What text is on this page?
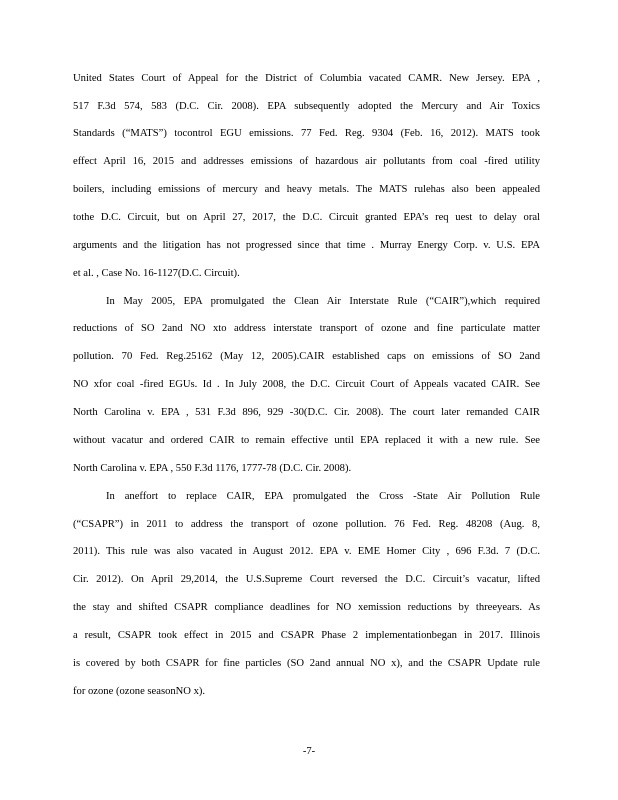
United States Court of Appeal for the District of Columbia vacated CAMR. New Jersey. EPA ,
517 F.3d 574, 583 (D.C. Cir. 2008). EPA subsequently adopted the Mercury and Air Toxics
Standards (“MATS”) tocontrol EGU emissions. 77 Fed. Reg. 9304 (Feb. 16, 2012). MATS took
effect April 16, 2015 and addresses emissions of hazardous air pollutants from coal -fired utility
boilers, including emissions of mercury and heavy metals. The MATS rulehas also been appealed
tothe D.C. Circuit, but on April 27, 2017, the D.C. Circuit granted EPA’s req uest to delay oral
arguments and the litigation has not progressed since that time . Murray Energy Corp. v. U.S. EPA
et al. , Case No. 16-1127(D.C. Circuit).
In May 2005, EPA promulgated the Clean Air Interstate Rule (“CAIR”),which required
reductions of SO 2and NO xto address interstate transport of ozone and fine particulate matter
pollution. 70 Fed. Reg.25162 (May 12, 2005).CAIR established caps on emissions of SO 2and
NO xfor coal -fired EGUs. Id . In July 2008, the D.C. Circuit Court of Appeals vacated CAIR. See
North Carolina v. EPA , 531 F.3d 896, 929 -30(D.C. Cir. 2008). The court later remanded CAIR
without vacatur and ordered CAIR to remain effective until EPA replaced it with a new rule. See
North Carolina v. EPA , 550 F.3d 1176, 1777-78 (D.C. Cir. 2008).
In aneffort to replace CAIR, EPA promulgated the Cross -State Air Pollution Rule
(“CSAPR”) in 2011 to address the transport of ozone pollution. 76 Fed. Reg. 48208 (Aug. 8,
2011). This rule was also vacated in August 2012. EPA v. EME Homer City , 696 F.3d. 7 (D.C.
Cir. 2012). On April 29,2014, the U.S.Supreme Court reversed the D.C. Circuit’s vacatur, lifted
the stay and shifted CSAPR compliance deadlines for NO xemission reductions by threeyears. As
a result, CSAPR took effect in 2015 and CSAPR Phase 2 implementationbegan in 2017. Illinois
is covered by both CSAPR for fine particles (SO 2and annual NO x), and the CSAPR Update rule
for ozone (ozone seasonNO x).
-7-
